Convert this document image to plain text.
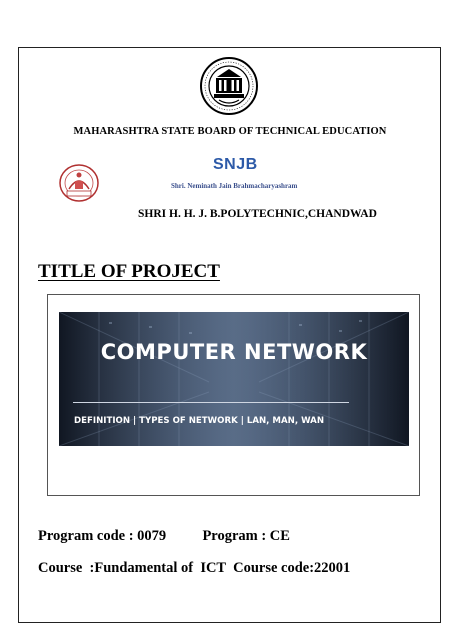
MAHARASHTRA STATE BOARD OF TECHNICAL EDUCATION
SNJB
Shri. Neminath Jain Brahmacharyashram
SHRI H. H. J. B.POLYTECHNIC,CHANDWAD
TITLE OF PROJECT
COMPUTER NETWORK
DEFINITION | TYPES OF NETWORK | LAN, MAN, WAN
Program code : 0079	Program : CE
Course  :Fundamental of  ICT Course code:22001
